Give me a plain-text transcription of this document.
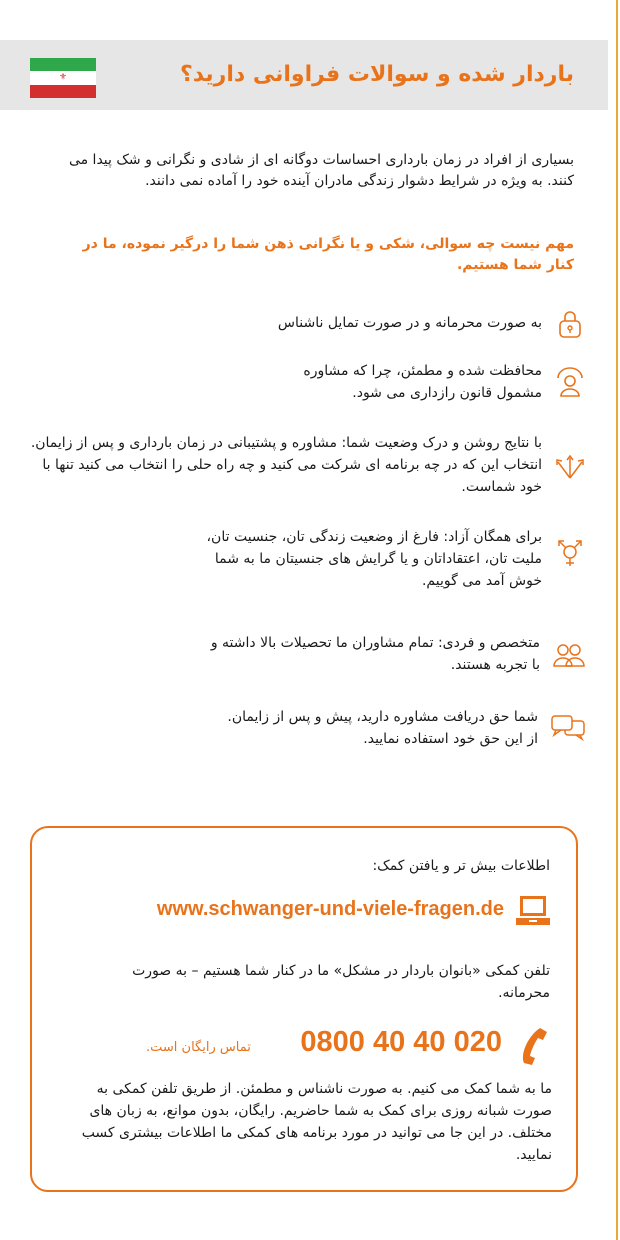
⚜	باردار شده و سوالات فراوانی دارید؟

بسیاری از افراد در زمان بارداری احساسات دوگانه ای از شادی و نگرانی و شک پیدا می کنند. به ویژه در شرایط دشوار زندگی مادران آینده خود را آماده نمی دانند.

مهم نیست چه سوالی، شکی و یا نگرانی ذهن شما را درگیر نموده، ما در کنار شما هستیم.

به صورت محرمانه و در صورت تمایل ناشناس

محافظت شده و مطمئن، چرا که مشاوره مشمول قانون رازداری می شود.

با نتایج روشن و درک وضعیت شما: مشاوره و پشتیبانی در زمان بارداری و پس از زایمان. انتخاب این که در چه برنامه ای شرکت می کنید و چه راه حلی را انتخاب می کنید تنها با خود شماست.

برای همگان آزاد: فارغ از وضعیت زندگی تان، جنسیت تان، ملیت تان، اعتقاداتان و یا گرایش های جنسیتان ما به شما خوش آمد می گوییم.

متخصص و فردی: تمام مشاوران ما تحصیلات بالا داشته و با تجربه هستند.

شما حق دریافت مشاوره دارید، پیش و پس از زایمان. از این حق خود استفاده نمایید.

اطلاعات بیش تر و یافتن کمک:
www.schwanger-und-viele-fragen.de

تلفن کمکی «بانوان باردار در مشکل» ما در کنار شما هستیم – به صورت محرمانه.

0800 40 40 020
تماس رایگان است.

ما به شما کمک می کنیم. به صورت ناشناس و مطمئن. از طریق تلفن کمکی به صورت شبانه روزی برای کمک به شما حاضریم. رایگان، بدون موانع، به زبان های مختلف. در این جا می توانید در مورد برنامه های کمکی ما اطلاعات بیشتری کسب نمایید.
